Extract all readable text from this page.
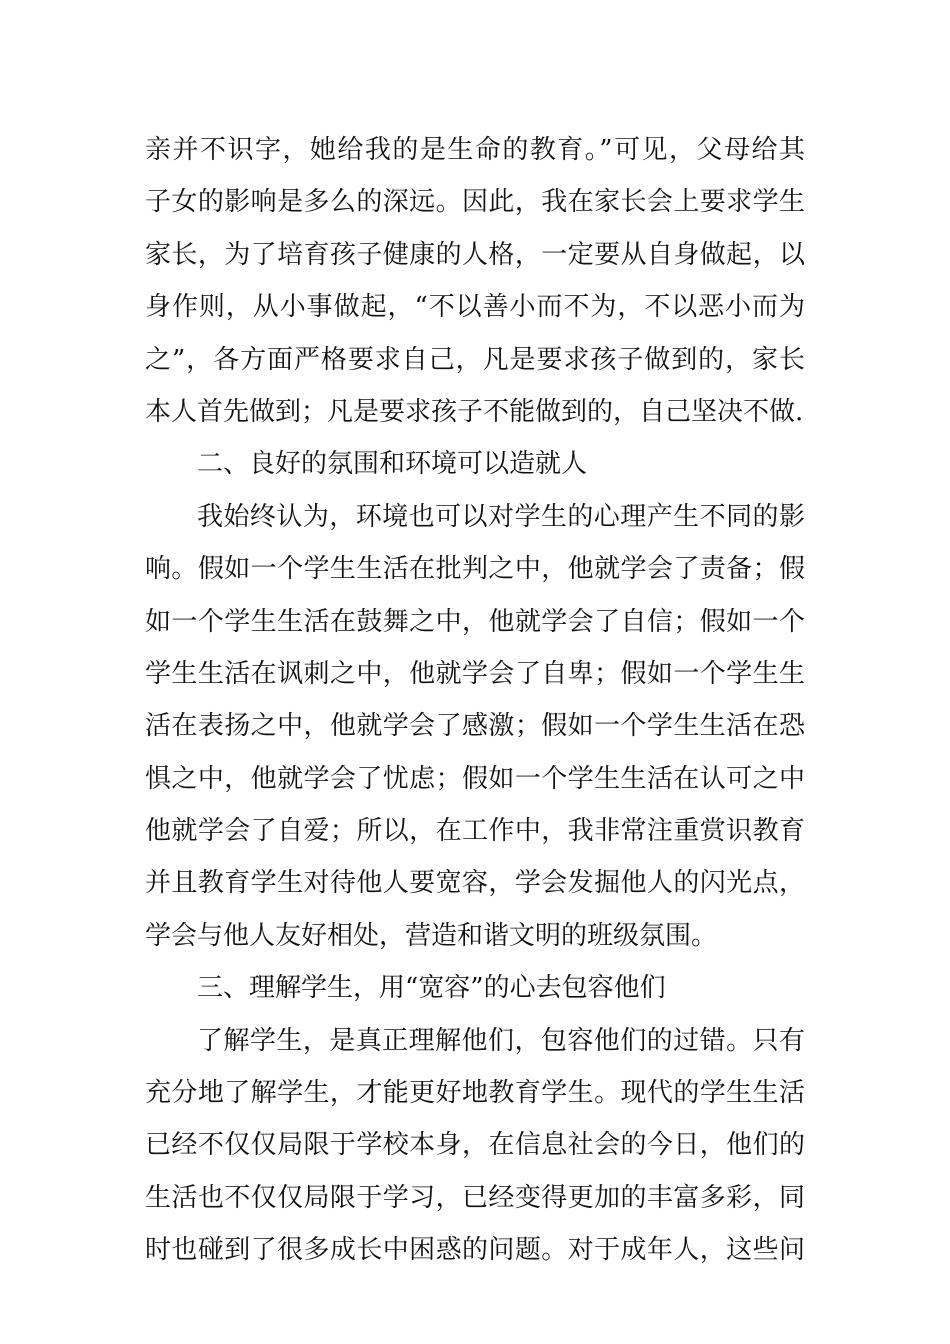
亲并不识字，她给我的是生命的教育。”可见，父母给其
子女的影响是多么的深远。因此，我在家长会上要求学生
家长，为了培育孩子健康的人格，一定要从自身做起，以
身作则，从小事做起，“不以善小而不为，不以恶小而为
之”，各方面严格要求自己，凡是要求孩子做到的，家长
本人首先做到；凡是要求孩子不能做到的，自己坚决不做.
二、良好的氛围和环境可以造就人
我始终认为，环境也可以对学生的心理产生不同的影
响。假如一个学生生活在批判之中，他就学会了责备；假
如一个学生生活在鼓舞之中，他就学会了自信；假如一个
学生生活在讽刺之中，他就学会了自卑；假如一个学生生
活在表扬之中，他就学会了感激；假如一个学生生活在恐
惧之中，他就学会了忧虑；假如一个学生生活在认可之中
他就学会了自爱；所以，在工作中，我非常注重赏识教育
并且教育学生对待他人要宽容，学会发掘他人的闪光点，
学会与他人友好相处，营造和谐文明的班级氛围。
三、理解学生，用“宽容”的心去包容他们
了解学生，是真正理解他们，包容他们的过错。只有
充分地了解学生，才能更好地教育学生。现代的学生生活
已经不仅仅局限于学校本身，在信息社会的今日，他们的
生活也不仅仅局限于学习，已经变得更加的丰富多彩，同
时也碰到了很多成长中困惑的问题。对于成年人，这些问
